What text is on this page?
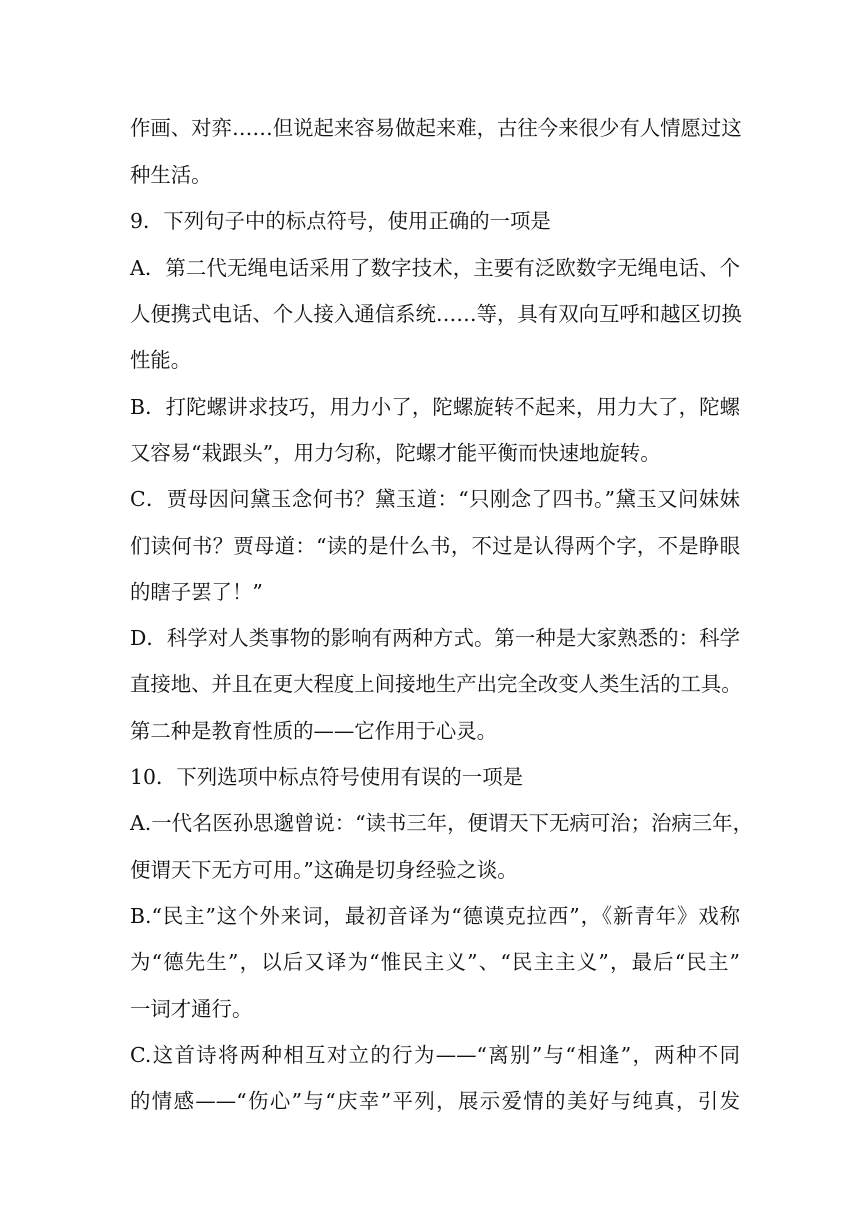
作画、对弈……但说起来容易做起来难，古往今来很少有人情愿过这
种生活。
9．下列句子中的标点符号，使用正确的一项是
A．第二代无绳电话采用了数字技术，主要有泛欧数字无绳电话、个
人便携式电话、个人接入通信系统……等，具有双向互呼和越区切换
性能。
B．打陀螺讲求技巧，用力小了，陀螺旋转不起来，用力大了，陀螺
又容易“栽跟头”，用力匀称，陀螺才能平衡而快速地旋转。
C．贾母因问黛玉念何书？黛玉道：“只刚念了四书。”黛玉又问妹妹
们读何书？贾母道：“读的是什么书，不过是认得两个字，不是睁眼
的瞎子罢了！”
D．科学对人类事物的影响有两种方式。第一种是大家熟悉的：科学
直接地、并且在更大程度上间接地生产出完全改变人类生活的工具。
第二种是教育性质的——它作用于心灵。
10．下列选项中标点符号使用有误的一项是
A.一代名医孙思邈曾说：“读书三年，便谓天下无病可治；治病三年，
便谓天下无方可用。”这确是切身经验之谈。
B.“民主”这个外来词，最初音译为“德谟克拉西”，《新青年》戏称
为“德先生”，以后又译为“惟民主义”、“民主主义”，最后“民主”
一词才通行。
C.这首诗将两种相互对立的行为——“离别”与“相逢”，两种不同
的情感——“伤心”与“庆幸”平列，展示爱情的美好与纯真，引发
